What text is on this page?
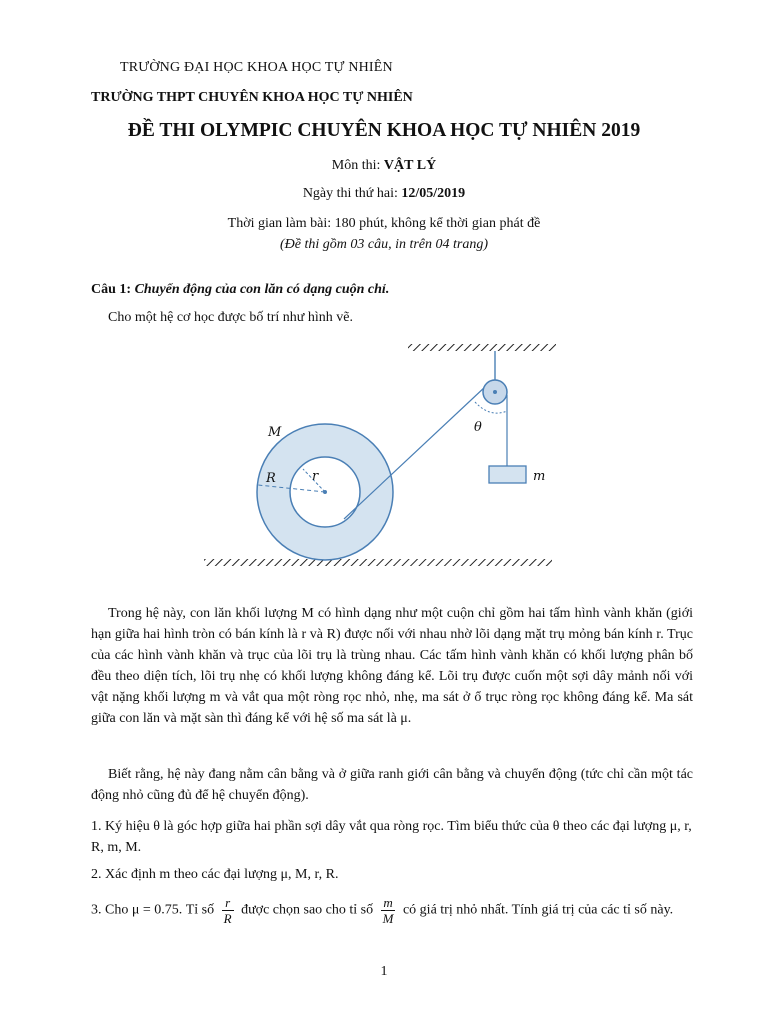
TRƯỜNG ĐẠI HỌC KHOA HỌC TỰ NHIÊN
TRƯỜNG THPT CHUYÊN KHOA HỌC TỰ NHIÊN
ĐỀ THI OLYMPIC CHUYÊN KHOA HỌC TỰ NHIÊN 2019
Môn thi: VẬT LÝ
Ngày thi thứ hai: 12/05/2019
Thời gian làm bài: 180 phút, không kể thời gian phát đề
(Đề thi gồm 03 câu, in trên 04 trang)
Câu 1: Chuyển động của con lăn có dạng cuộn chỉ.
Cho một hệ cơ học được bố trí như hình vẽ.
M
R	r
θ
m

Trong hệ này, con lăn khối lượng M có hình dạng như một cuộn chỉ gồm hai tấm hình vành khăn (giới hạn giữa hai hình tròn có bán kính là r và R) được nối với nhau nhờ lõi dạng mặt trụ mỏng bán kính r. Trục của các hình vành khăn và trục của lõi trụ là trùng nhau. Các tấm hình vành khăn có khối lượng phân bố đều theo diện tích, lõi trụ nhẹ có khối lượng không đáng kể. Lõi trụ được cuốn một sợi dây mảnh nối với vật nặng khối lượng m và vắt qua một ròng rọc nhỏ, nhẹ, ma sát ở ổ trục ròng rọc không đáng kể. Ma sát giữa con lăn và mặt sàn thì đáng kể với hệ số ma sát là μ.

Biết rằng, hệ này đang nằm cân bằng và ở giữa ranh giới cân bằng và chuyển động (tức chỉ cần một tác động nhỏ cũng đủ để hệ chuyển động).

1. Ký hiệu θ là góc hợp giữa hai phần sợi dây vắt qua ròng rọc. Tìm biểu thức của θ theo các đại lượng μ, r, R, m, M.
2. Xác định m theo các đại lượng μ, M, r, R.
3. Cho μ = 0.75. Tỉ số $\frac{r}{R}$ được chọn sao cho tỉ số $\frac{m}{M}$ có giá trị nhỏ nhất. Tính giá trị của các tỉ số này.
1
